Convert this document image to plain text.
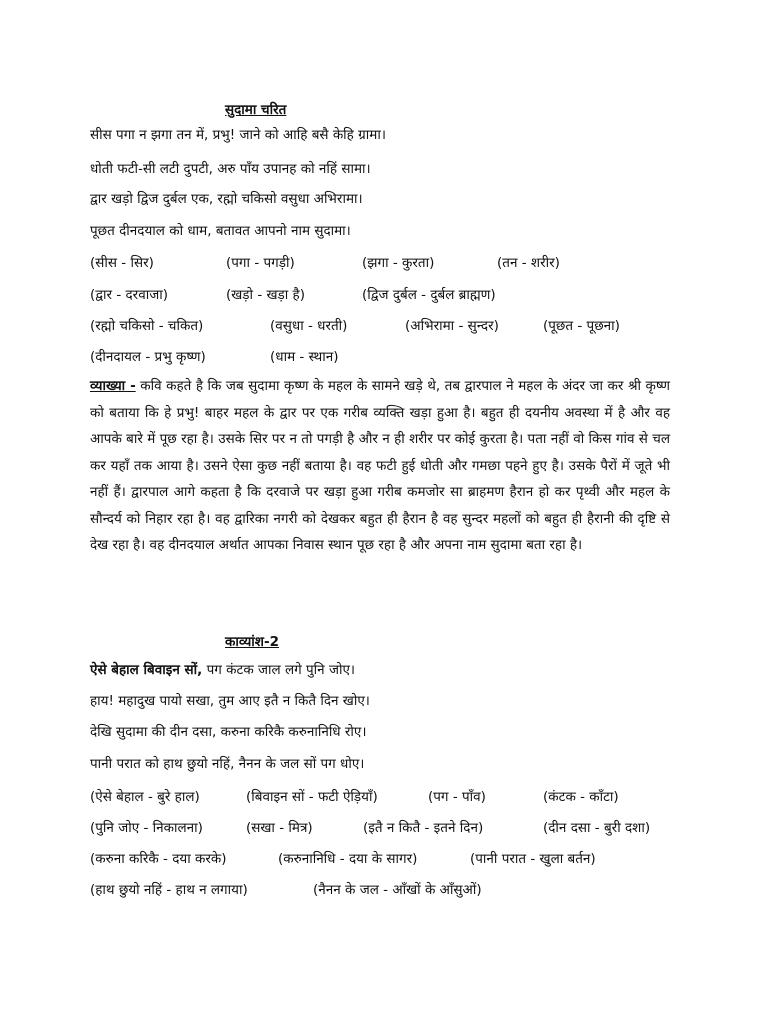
सुदामा चरित
सीस पगा न झगा तन में, प्रभु! जाने को आहि बसै केहि ग्रामा।
धोती फटी-सी लटी दुपटी, अरु पाँय उपानह को नहिं सामा।
द्वार खड़ो द्विज दुर्बल एक, रह्मो चकिसो वसुधा अभिरामा।
पूछत दीनदयाल को धाम, बतावत आपनो नाम सुदामा।
(सीस - सिर)	(पगा - पगड़ी)	(झगा - कुरता)	(तन - शरीर)
(द्वार - दरवाजा)	(खड़ो - खड़ा है)	(द्विज दुर्बल - दुर्बल ब्राह्मण)
(रह्मो चकिसो - चकित)	(वसुधा - धरती)	(अभिरामा - सुन्दर)	(पूछत - पूछना)
(दीनदायल - प्रभु कृष्ण)	(धाम - स्थान)
व्याख्या - कवि कहते है कि जब सुदामा कृष्ण के महल के सामने खड़े थे, तब द्वारपाल ने महल के अंदर जा कर श्री कृष्ण को बताया कि हे प्रभु! बाहर महल के द्वार पर एक गरीब व्यक्ति खड़ा हुआ है। बहुत ही दयनीय अवस्था में है और वह आपके बारे में पूछ रहा है। उसके सिर पर न तो पगड़ी है और न ही शरीर पर कोई कुरता है। पता नहीं वो किस गांव से चल कर यहाँ तक आया है। उसने ऐसा कुछ नहीं बताया है। वह फटी हुई धोती और गमछा पहने हुए है। उसके पैरों में जूते भी नहीं हैं। द्वारपाल आगे कहता है कि दरवाजे पर खड़ा हुआ गरीब कमजोर सा ब्राहमण हैरान हो कर पृथ्वी और महल के सौन्दर्य को निहार रहा है। वह द्वारिका नगरी को देखकर बहुत ही हैरान है वह सुन्दर महलों को बहुत ही हैरानी की दृष्टि से देख रहा है। वह दीनदयाल अर्थात आपका निवास स्थान पूछ रहा है और अपना नाम सुदामा बता रहा है।
काव्यांश-2
ऐसे बेहाल बिवाइन सों, पग कंटक जाल लगे पुनि जोए।
हाय! महादुख पायो सखा, तुम आए इतै न कितै दिन खोए।
देखि सुदामा की दीन दसा, करुना करिकै करुनानिधि रोए।
पानी परात को हाथ छुयो नहिं, नैनन के जल सों पग धोए।
(ऐसे बेहाल - बुरे हाल)	(बिवाइन सों - फटी ऐड़ियाँ)	(पग - पाँव)	(कंटक - काँटा)
(पुनि जोए - निकालना)	(सखा - मित्र)	(इतै न कितै - इतने दिन)	(दीन दसा - बुरी दशा)
(करुना करिकै - दया करके)	(करुनानिधि - दया के सागर)	(पानी परात - खुला बर्तन)
(हाथ छुयो नहिं - हाथ न लगाया)	(नैनन के जल - आँखों के आँसुओं)
